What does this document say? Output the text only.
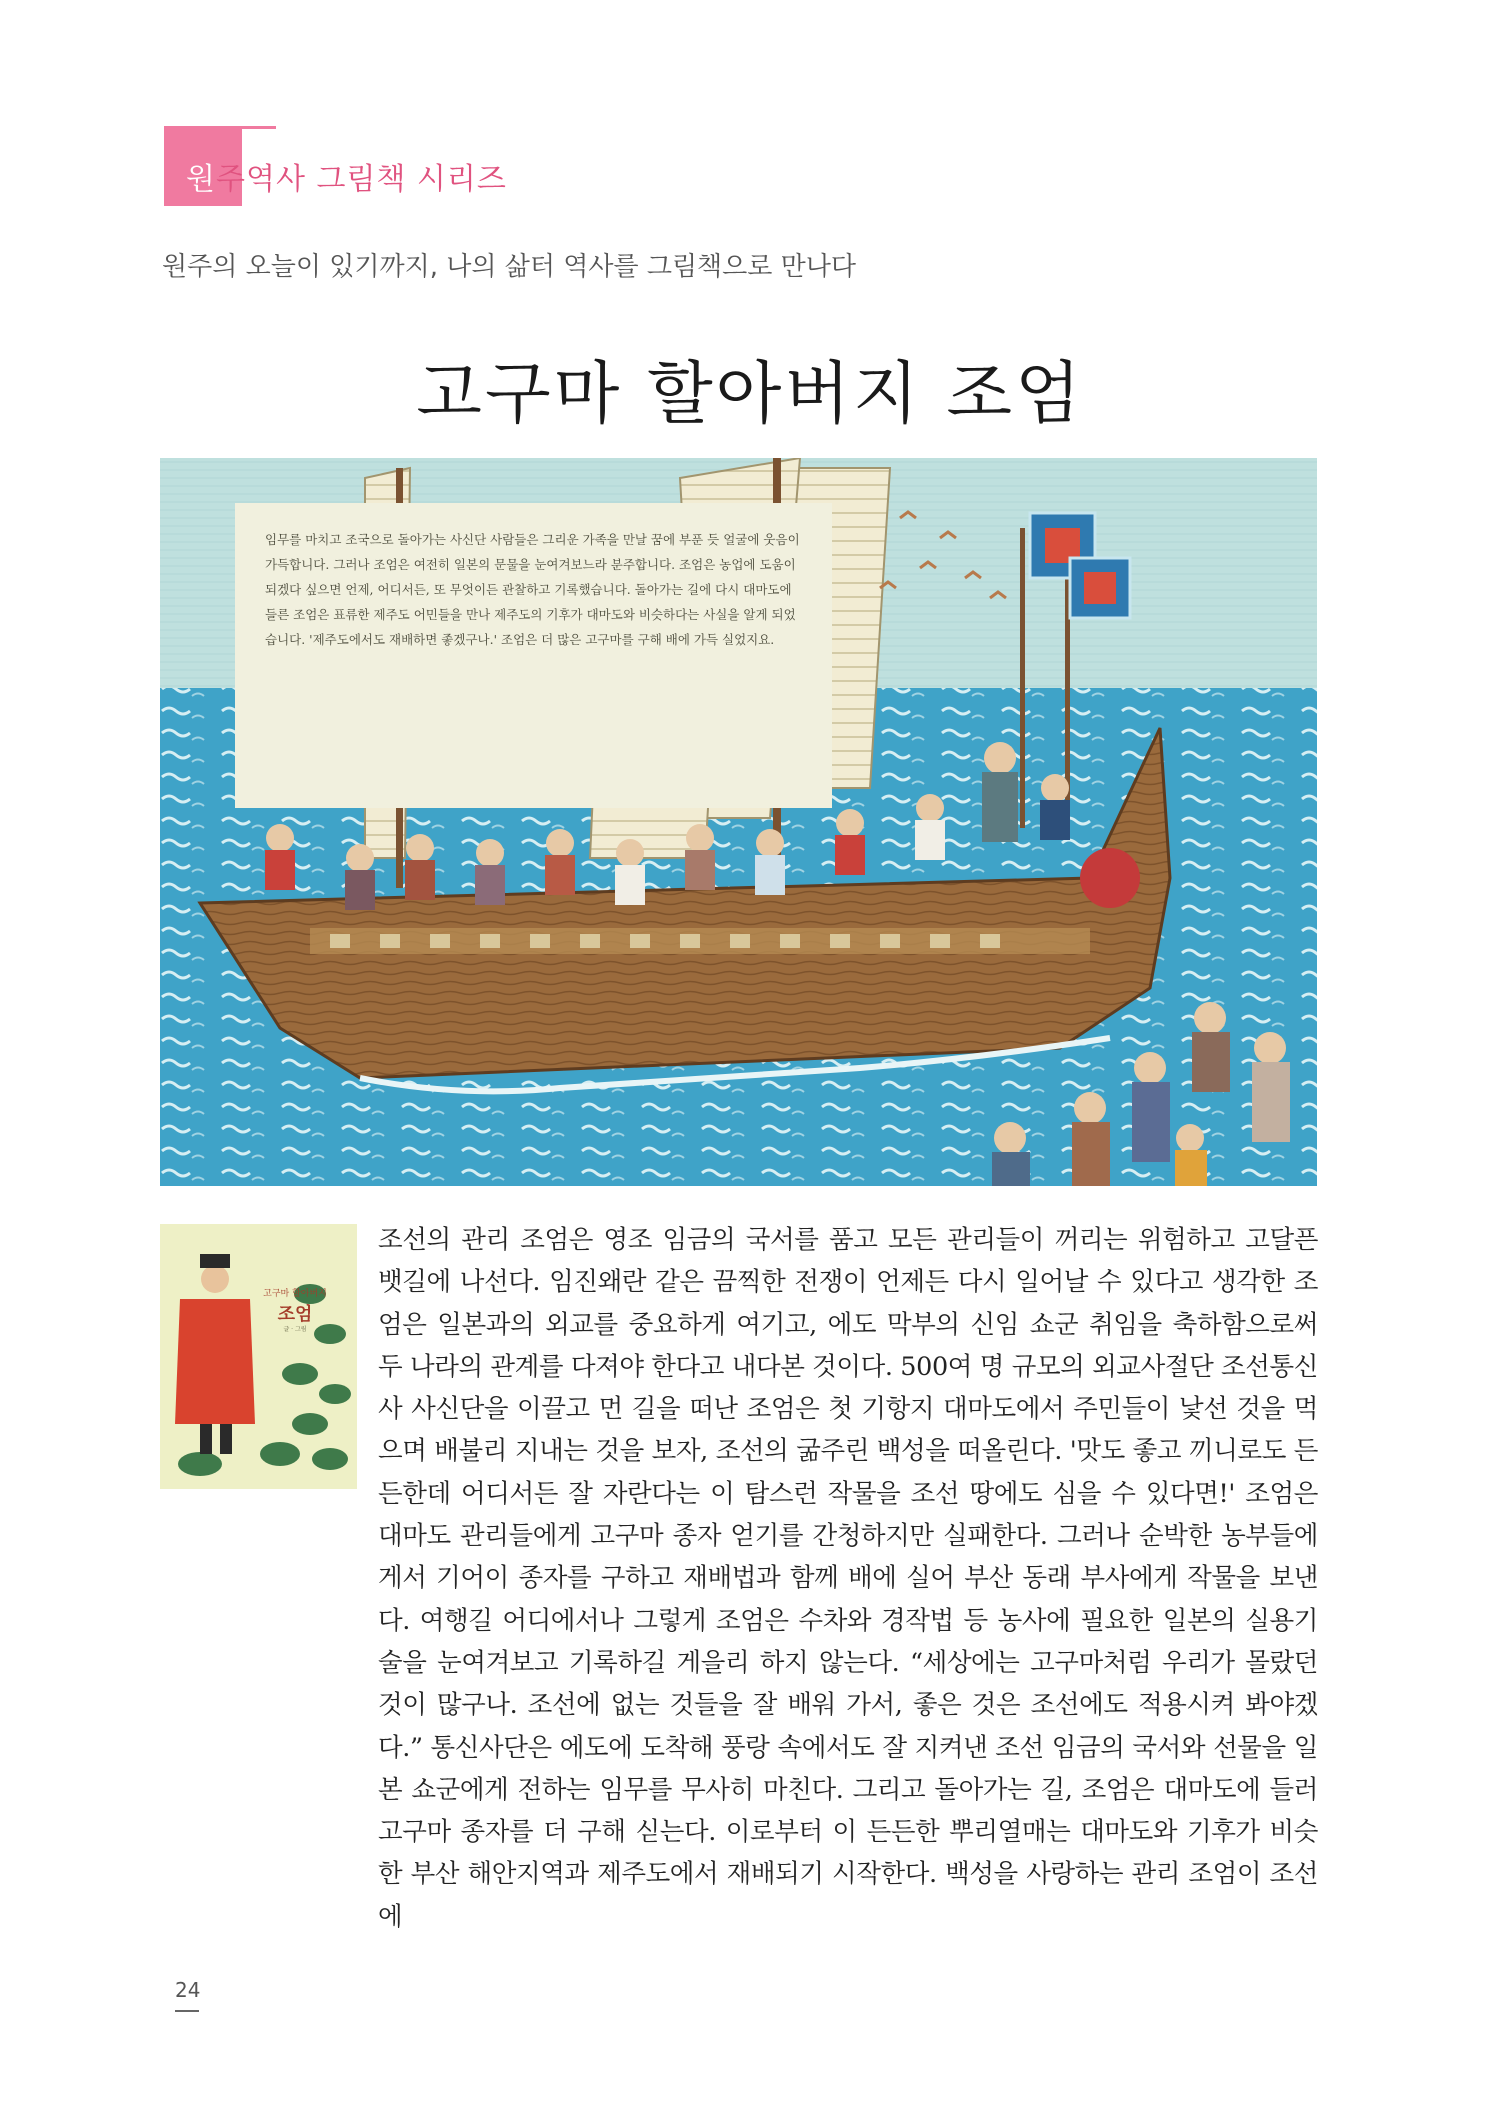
원주역사 그림책 시리즈
원주의 오늘이 있기까지, 나의 삶터 역사를 그림책으로 만나다
고구마 할아버지 조엄

임무를 마치고 조국으로 돌아가는 사신단 사람들은 그리운 가족을 만날 꿈에 부푼 듯 얼굴에 웃음이 가득합니다. 그러나 조엄은 여전히 일본의 문물을 눈여겨보느라 분주합니다. 조엄은 농업에 도움이 되겠다 싶으면 언제, 어디서든, 또 무엇이든 관찰하고 기록했습니다. 돌아가는 길에 다시 대마도에 들른 조엄은 표류한 제주도 어민들을 만나 제주도의 기후가 대마도와 비슷하다는 사실을 알게 되었습니다. '제주도에서도 재배하면 좋겠구나.' 조엄은 더 많은 고구마를 구해 배에 가득 실었지요.

고구마 할아버지
조엄
글 · 그림

조선의 관리 조엄은 영조 임금의 국서를 품고 모든 관리들이 꺼리는 위험하고 고달픈 뱃길에 나선다. 임진왜란 같은 끔찍한 전쟁이 언제든 다시 일어날 수 있다고 생각한 조엄은 일본과의 외교를 중요하게 여기고, 에도 막부의 신임 쇼군 취임을 축하함으로써 두 나라의 관계를 다져야 한다고 내다본 것이다. 500여 명 규모의 외교사절단 조선통신사 사신단을 이끌고 먼 길을 떠난 조엄은 첫 기항지 대마도에서 주민들이 낯선 것을 먹으며 배불리 지내는 것을 보자, 조선의 굶주린 백성을 떠올린다. '맛도 좋고 끼니로도 든든한데 어디서든 잘 자란다는 이 탐스런 작물을 조선 땅에도 심을 수 있다면!' 조엄은 대마도 관리들에게 고구마 종자 얻기를 간청하지만 실패한다. 그러나 순박한 농부들에게서 기어이 종자를 구하고 재배법과 함께 배에 실어 부산 동래 부사에게 작물을 보낸다. 여행길 어디에서나 그렇게 조엄은 수차와 경작법 등 농사에 필요한 일본의 실용기술을 눈여겨보고 기록하길 게을리 하지 않는다. “세상에는 고구마처럼 우리가 몰랐던 것이 많구나. 조선에 없는 것들을 잘 배워 가서, 좋은 것은 조선에도 적용시켜 봐야겠다.” 통신사단은 에도에 도착해 풍랑 속에서도 잘 지켜낸 조선 임금의 국서와 선물을 일본 쇼군에게 전하는 임무를 무사히 마친다. 그리고 돌아가는 길, 조엄은 대마도에 들러 고구마 종자를 더 구해 싣는다. 이로부터 이 든든한 뿌리열매는 대마도와 기후가 비슷한 부산 해안지역과 제주도에서 재배되기 시작한다. 백성을 사랑하는 관리 조엄이 조선에

24
